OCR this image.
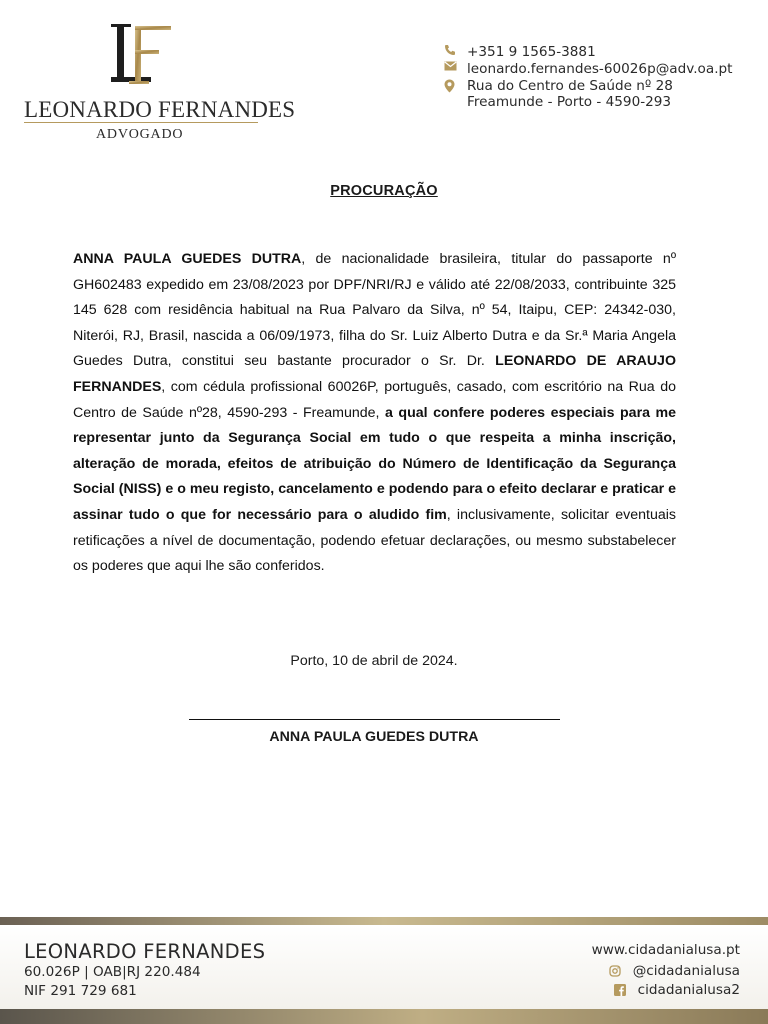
LEONARDO FERNANDES
ADVOGADO
+351 9 1565-3881
leonardo.fernandes-60026p@adv.oa.pt
Rua do Centro de Saúde nº 28
Freamunde - Porto - 4590-293
PROCURAÇÃO
ANNA PAULA GUEDES DUTRA, de nacionalidade brasileira, titular do passaporte nº GH602483 expedido em 23/08/2023 por DPF/NRI/RJ e válido até 22/08/2033, contribuinte 325 145 628 com residência habitual na Rua Palvaro da Silva, nº 54, Itaipu, CEP: 24342-030, Niterói, RJ, Brasil, nascida a 06/09/1973, filha do Sr. Luiz Alberto Dutra e da Sr.ª Maria Angela Guedes Dutra, constitui seu bastante procurador o Sr. Dr. LEONARDO DE ARAUJO FERNANDES, com cédula profissional 60026P, português, casado, com escritório na Rua do Centro de Saúde nº28, 4590-293 - Freamunde, a qual confere poderes especiais para me representar junto da Segurança Social em tudo o que respeita a minha inscrição, alteração de morada, efeitos de atribuição do Número de Identificação da Segurança Social (NISS) e o meu registo, cancelamento e podendo para o efeito declarar e praticar e assinar tudo o que for necessário para o aludido fim, inclusivamente, solicitar eventuais retificações a nível de documentação, podendo efetuar declarações, ou mesmo substabelecer os poderes que aqui lhe são conferidos.
Porto, 10 de abril de 2024.
ANNA PAULA GUEDES DUTRA
LEONARDO FERNANDES
60.026P | OAB|RJ 220.484
NIF 291 729 681
www.cidadanialusa.pt
@cidadanialusa
cidadanialusa2
